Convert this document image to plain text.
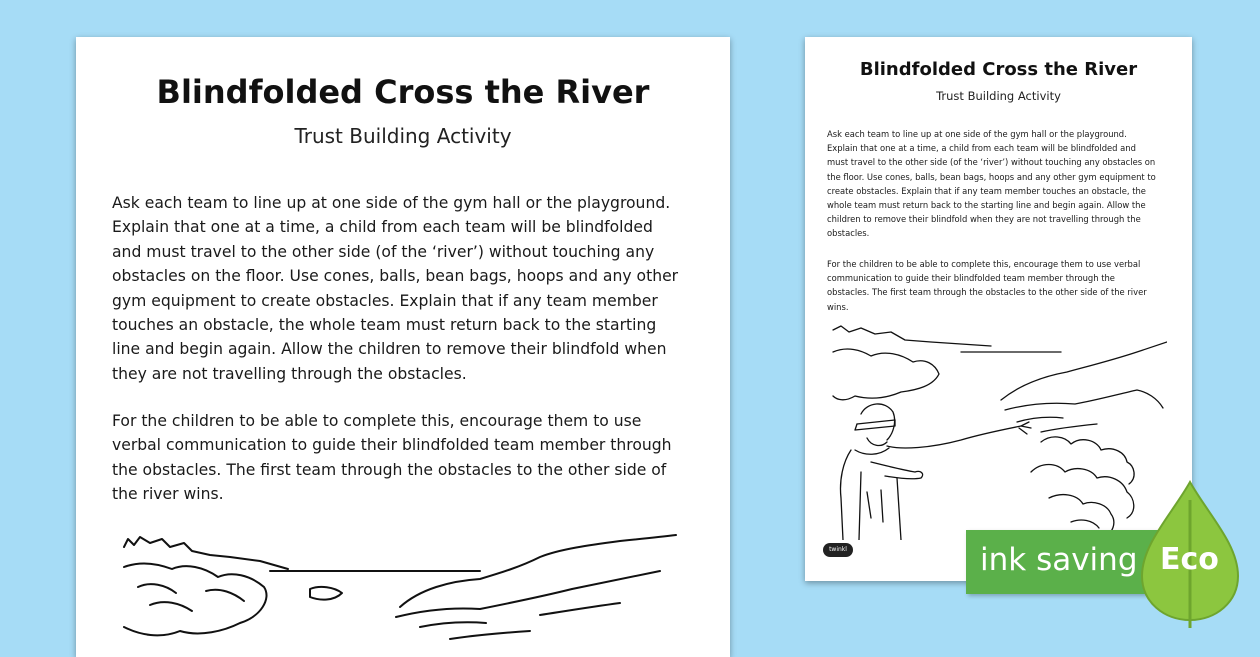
Blindfolded Cross the River

Trust Building Activity

Ask each team to line up at one side of the gym hall or the playground. Explain that one at a time, a child from each team will be blindfolded and must travel to the other side (of the ‘river’) without touching any obstacles on the floor. Use cones, balls, bean bags, hoops and any other gym equipment to create obstacles. Explain that if any team member touches an obstacle, the whole team must return back to the starting line and begin again. Allow the children to remove their blindfold when they are not travelling through the obstacles.

For the children to be able to complete this, encourage them to use verbal communication to guide their blindfolded team member through the obstacles. The first team through the obstacles to the other side of the river wins.

Blindfolded Cross the River

Trust Building Activity

Ask each team to line up at one side of the gym hall or the playground. Explain that one at a time, a child from each team will be blindfolded and must travel to the other side (of the ‘river’) without touching any obstacles on the floor. Use cones, balls, bean bags, hoops and any other gym equipment to create obstacles. Explain that if any team member touches an obstacle, the whole team must return back to the starting line and begin again. Allow the children to remove their blindfold when they are not travelling through the obstacles.

For the children to be able to complete this, encourage them to use verbal communication to guide their blindfolded team member through the obstacles. The first team through the obstacles to the other side of the river wins.

twinkl	ink saving Eco
